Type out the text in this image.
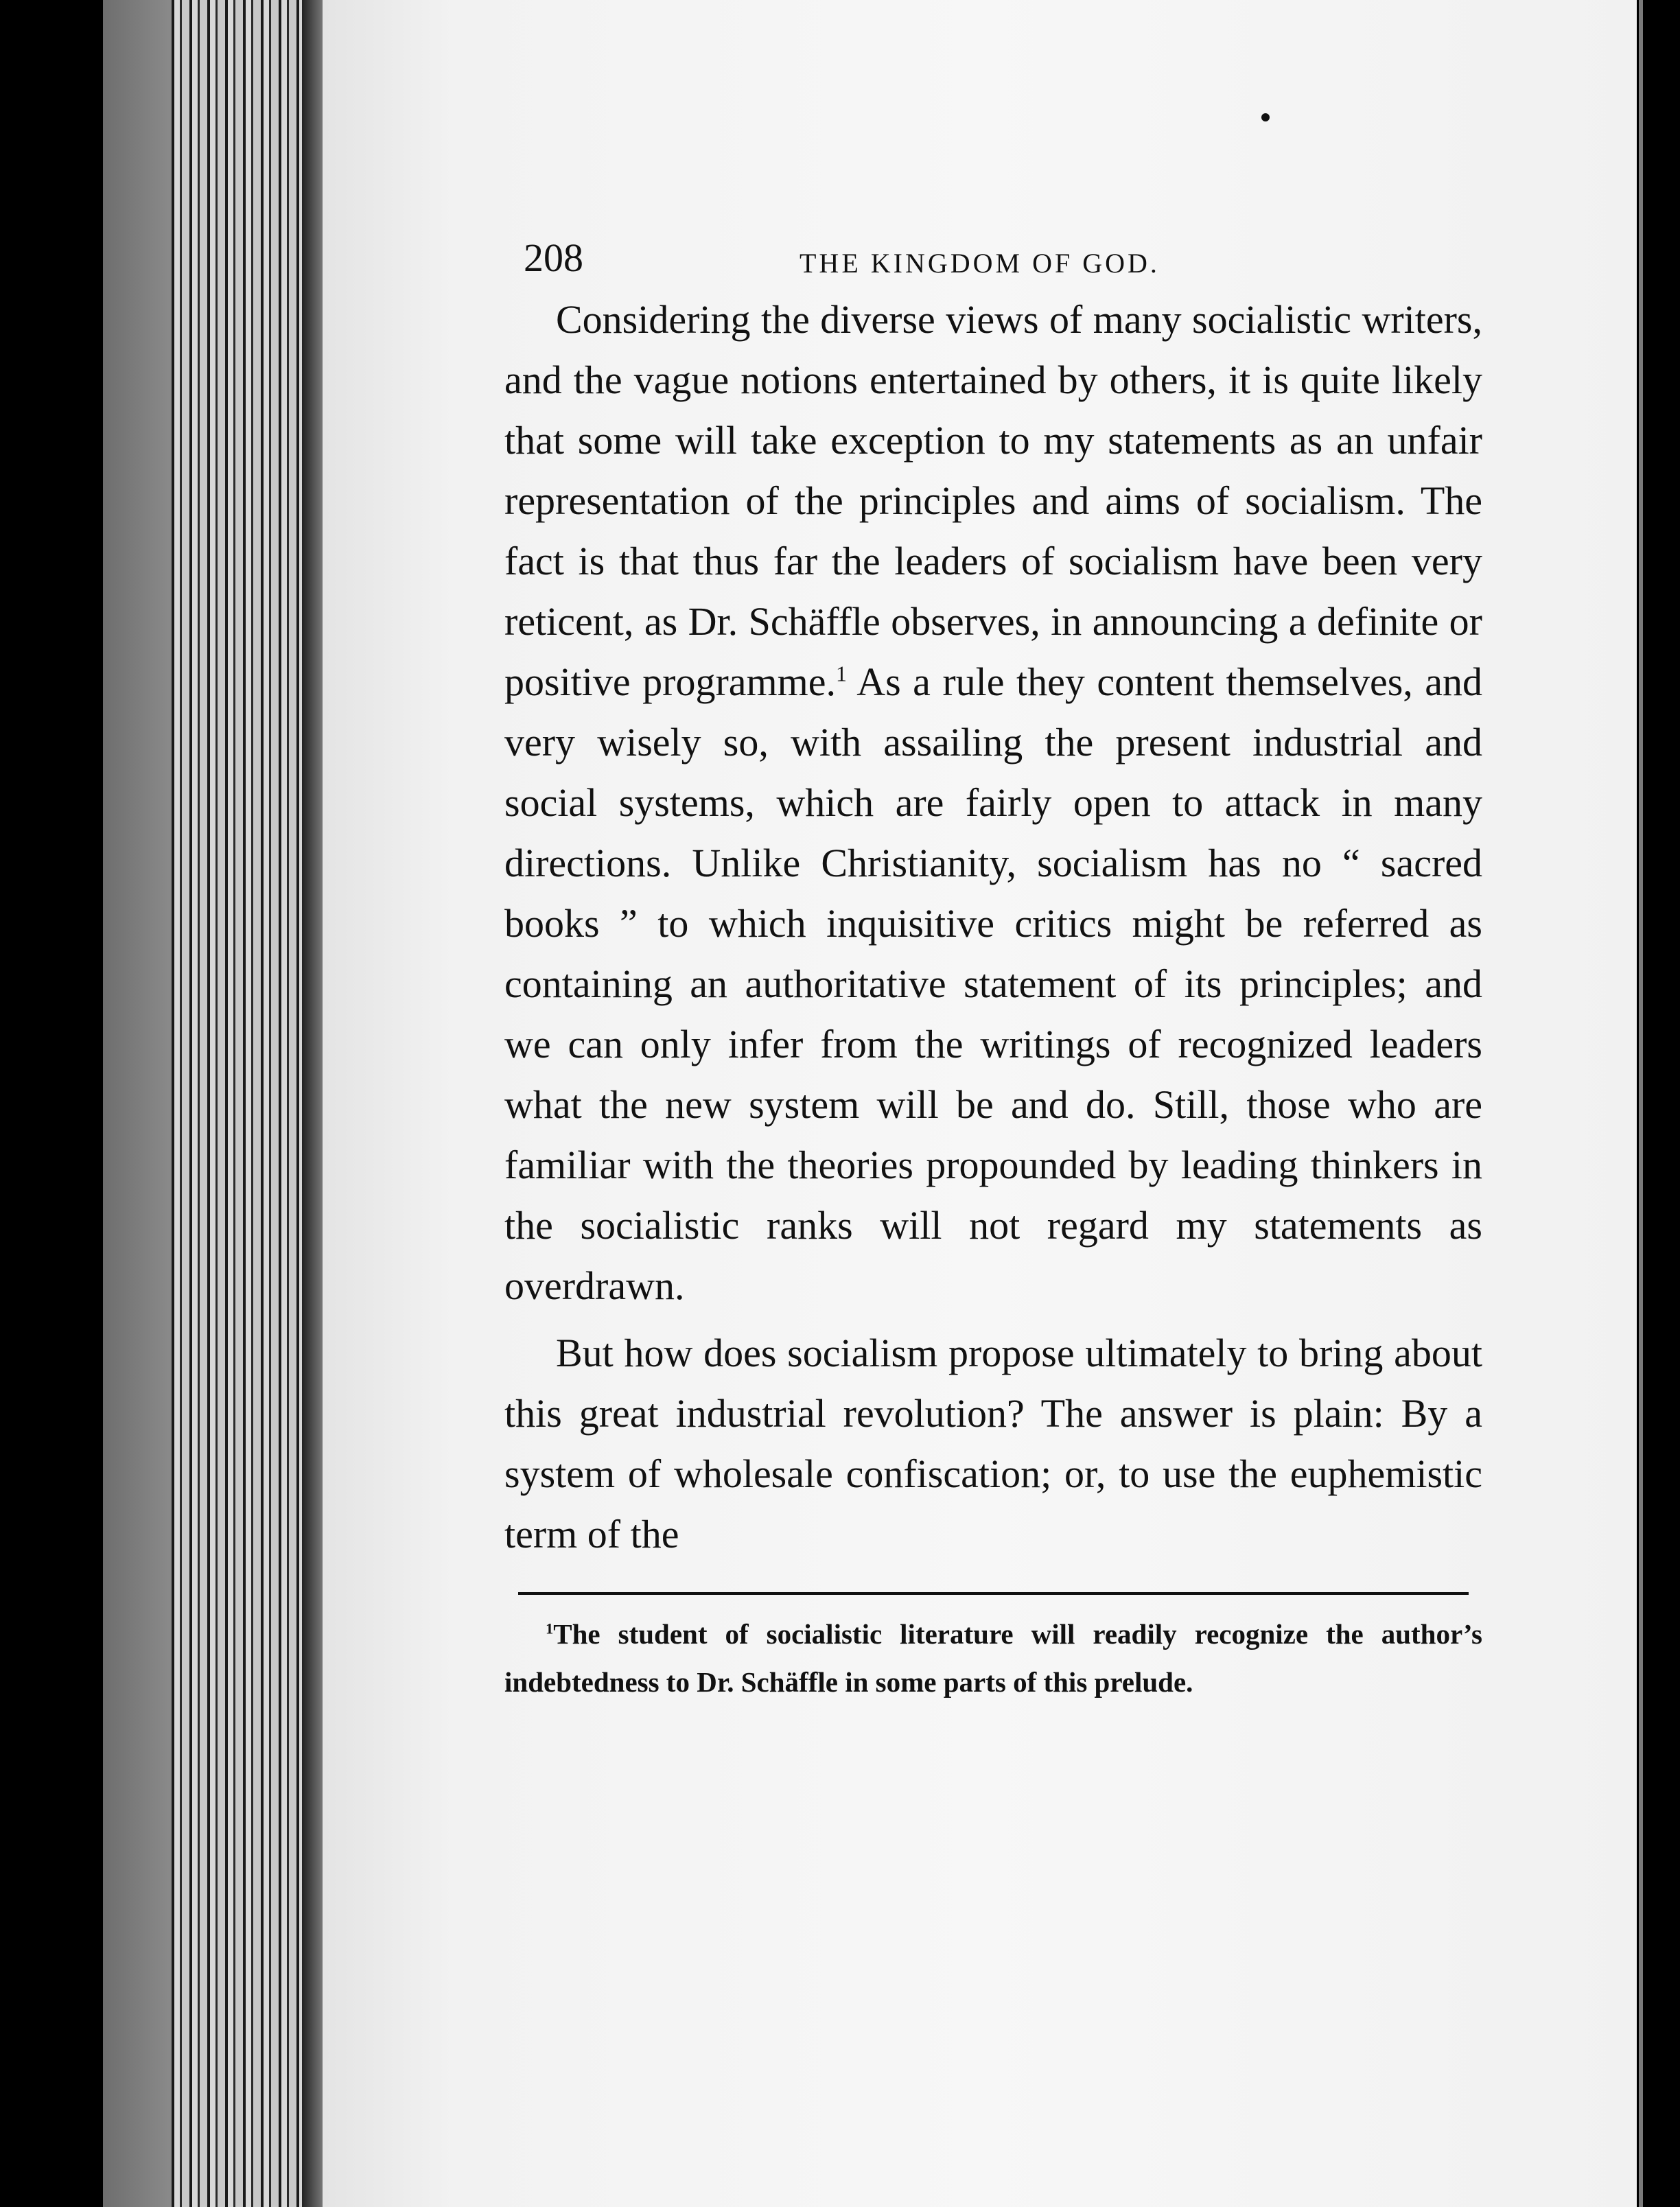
208	THE KINGDOM OF GOD.

Considering the diverse views of many socialistic writers, and the vague notions entertained by others, it is quite likely that some will take exception to my statements as an unfair representation of the principles and aims of socialism. The fact is that thus far the leaders of socialism have been very reticent, as Dr. Schäffle observes, in announcing a definite or positive programme.$^1$ As a rule they content themselves, and very wisely so, with assailing the present industrial and social systems, which are fairly open to attack in many directions. Unlike Christianity, socialism has no “ sacred books ” to which inquisitive critics might be referred as containing an authoritative statement of its principles; and we can only infer from the writings of recognized leaders what the new system will be and do. Still, those who are familiar with the theories propounded by leading thinkers in the socialistic ranks will not regard my statements as overdrawn.

But how does socialism propose ultimately to bring about this great industrial revolution? The answer is plain: By a system of wholesale confiscation; or, to use the euphemistic term of the

$^1$The student of socialistic literature will readily recognize the author’s indebtedness to Dr. Schäffle in some parts of this prelude.
